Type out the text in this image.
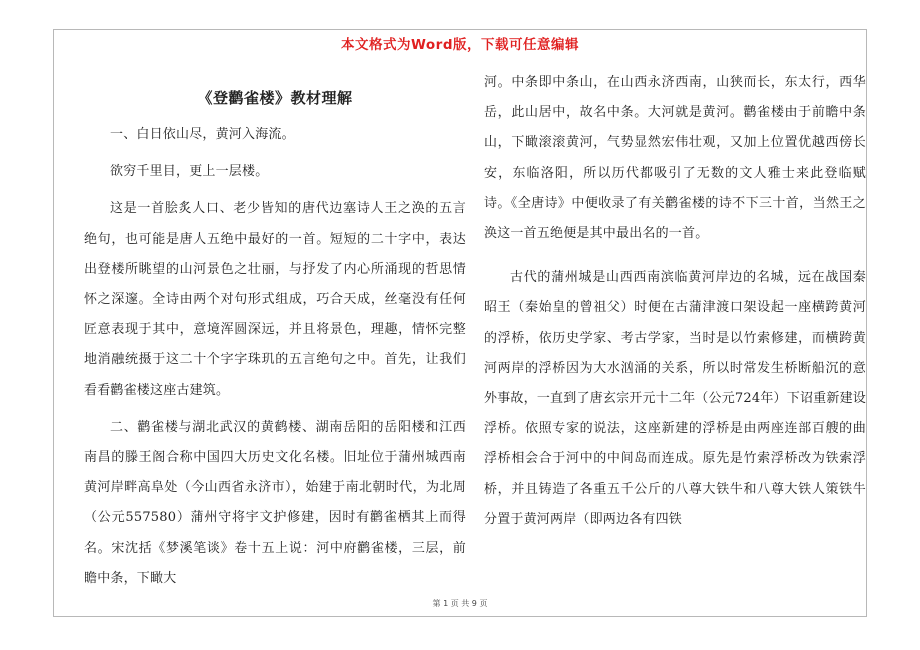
本文格式为Word版，下载可任意编辑
《登鹳雀楼》教材理解

一、白日依山尽，黄河入海流。

欲穷千里目，更上一层楼。

这是一首脍炙人口、老少皆知的唐代边塞诗人王之涣的五言绝句，也可能是唐人五绝中最好的一首。短短的二十字中，表达出登楼所眺望的山河景色之壮丽，与抒发了内心所涌现的哲思情怀之深邃。全诗由两个对句形式组成，巧合天成，丝毫没有任何匠意表现于其中，意境浑圆深远，并且将景色，理趣，情怀完整地消融统摄于这二十个字字珠玑的五言绝句之中。首先，让我们看看鹳雀楼这座古建筑。

二、鹳雀楼与湖北武汉的黄鹤楼、湖南岳阳的岳阳楼和江西南昌的滕王阁合称中国四大历史文化名楼。旧址位于蒲州城西南黄河岸畔高阜处（今山西省永济市），始建于南北朝时代，为北周（公元557580）蒲州守将宇文护修建，因时有鹳雀栖其上而得名。宋沈括《梦溪笔谈》卷十五上说：河中府鹳雀楼，三层，前瞻中条，下瞰大

河。中条即中条山，在山西永济西南，山狭而长，东太行，西华岳，此山居中，故名中条。大河就是黄河。鹳雀楼由于前瞻中条山，下瞰滚滚黄河，气势显然宏伟壮观，又加上位置优越西傍长安，东临洛阳，所以历代都吸引了无数的文人雅士来此登临赋诗。《全唐诗》中便收录了有关鹳雀楼的诗不下三十首，当然王之涣这一首五绝便是其中最出名的一首。

古代的蒲州城是山西西南滨临黄河岸边的名城，远在战国秦昭王（秦始皇的曾祖父）时便在古蒲津渡口架设起一座横跨黄河的浮桥，依历史学家、考古学家，当时是以竹索修建，而横跨黄河两岸的浮桥因为大水汹涌的关系，所以时常发生桥断船沉的意外事故，一直到了唐玄宗开元十二年（公元724年）下诏重新建设浮桥。依照专家的说法，这座新建的浮桥是由两座连部百艘的曲浮桥相会合于河中的中间岛而连成。原先是竹索浮桥改为铁索浮桥，并且铸造了各重五千公斤的八尊大铁牛和八尊大铁人策铁牛分置于黄河两岸（即两边各有四铁

第 1 页 共 9 页
